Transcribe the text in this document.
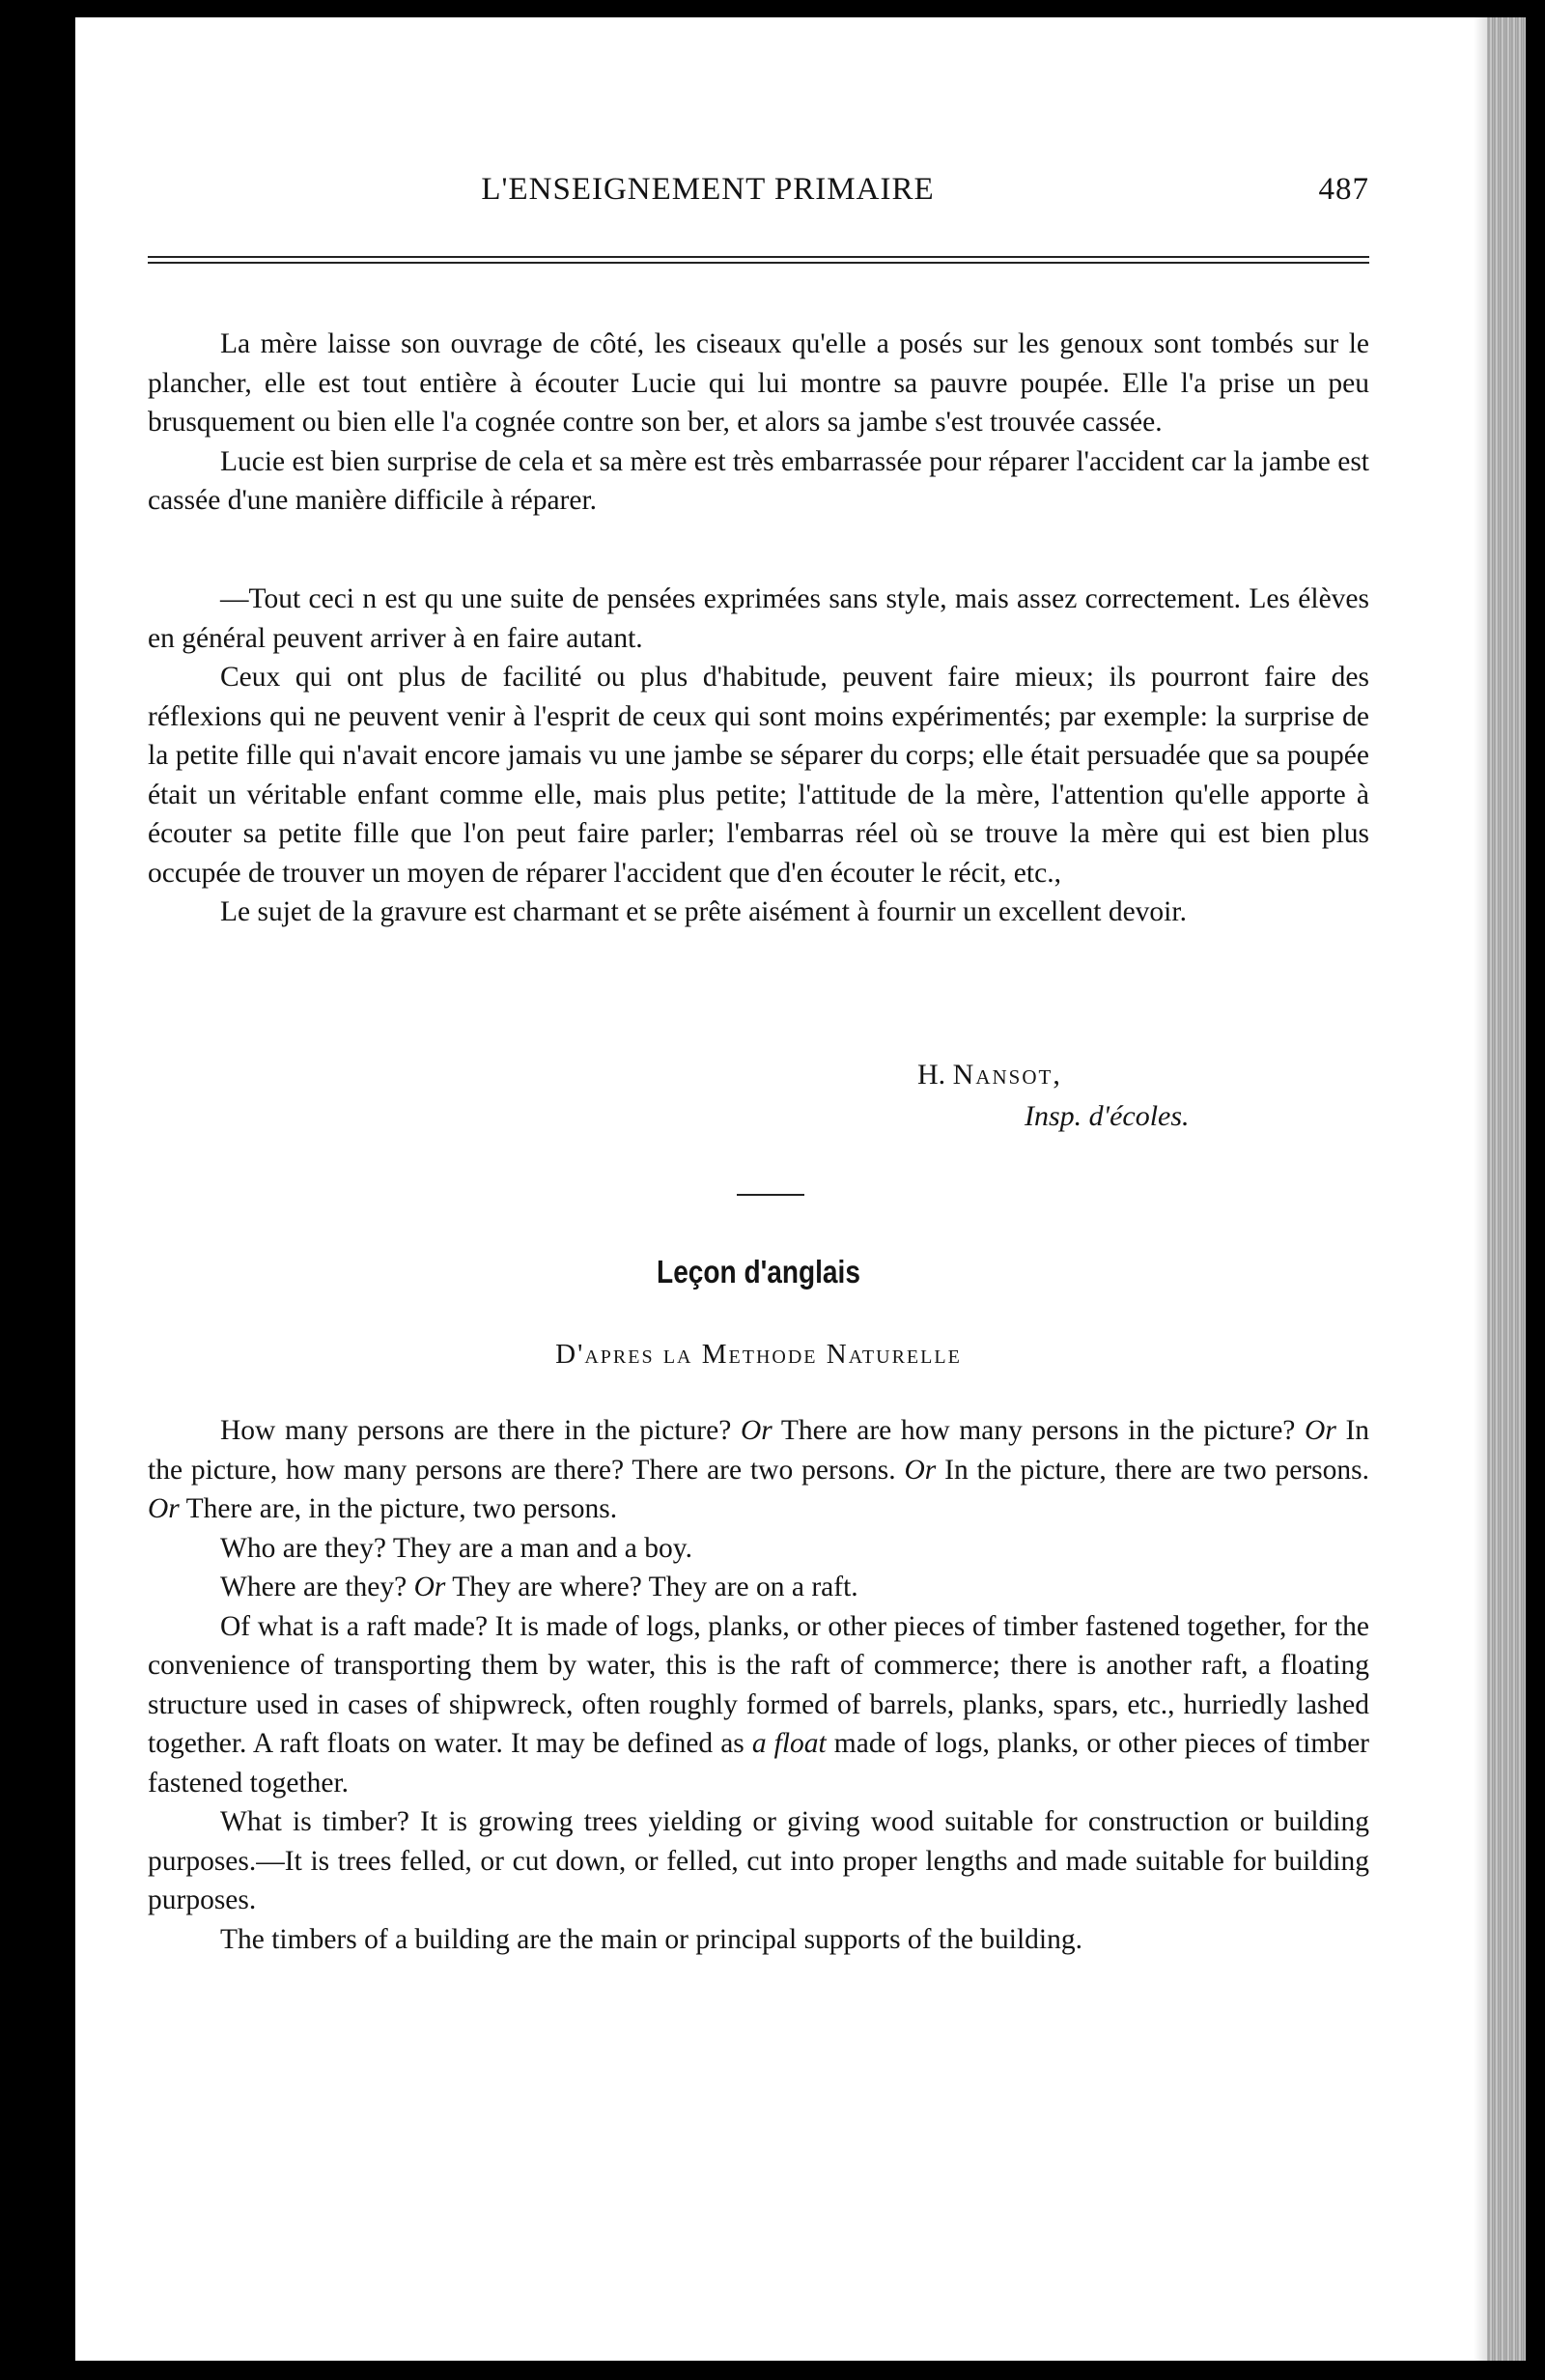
L'ENSEIGNEMENT PRIMAIRE	487

La mère laisse son ouvrage de côté, les ciseaux qu'elle a posés sur les genoux sont tombés sur le plancher, elle est tout entière à écouter Lucie qui lui montre sa pauvre poupée. Elle l'a prise un peu brusquement ou bien elle l'a cognée contre son ber, et alors sa jambe s'est trouvée cassée.

Lucie est bien surprise de cela et sa mère est très embarrassée pour réparer l'accident car la jambe est cassée d'une manière difficile à réparer.

—Tout ceci n est qu une suite de pensées exprimées sans style, mais assez correctement. Les élèves en général peuvent arriver à en faire autant.

Ceux qui ont plus de facilité ou plus d'habitude, peuvent faire mieux; ils pourront faire des réflexions qui ne peuvent venir à l'esprit de ceux qui sont moins expérimentés; par exemple: la surprise de la petite fille qui n'avait encore jamais vu une jambe se séparer du corps; elle était persuadée que sa poupée était un véritable enfant comme elle, mais plus petite; l'attitude de la mère, l'attention qu'elle apporte à écouter sa petite fille que l'on peut faire parler; l'embarras réel où se trouve la mère qui est bien plus occupée de trouver un moyen de réparer l'accident que d'en écouter le récit, etc.,

Le sujet de la gravure est charmant et se prête aisément à fournir un excellent devoir.

H. Nansot,
Insp. d'écoles.
Leçon d'anglais
D'apres la Methode Naturelle

How many persons are there in the picture? Or There are how many persons in the picture? Or In the picture, how many persons are there? There are two persons. Or In the picture, there are two persons. Or There are, in the picture, two persons.

Who are they? They are a man and a boy.

Where are they? Or They are where? They are on a raft.

Of what is a raft made? It is made of logs, planks, or other pieces of timber fastened together, for the convenience of transporting them by water, this is the raft of commerce; there is another raft, a floating structure used in cases of shipwreck, often roughly formed of barrels, planks, spars, etc., hurriedly lashed together. A raft floats on water. It may be defined as a float made of logs, planks, or other pieces of timber fastened together.

What is timber? It is growing trees yielding or giving wood suitable for construction or building purposes.—It is trees felled, or cut down, or felled, cut into proper lengths and made suitable for building purposes.

The timbers of a building are the main or principal supports of the building.
